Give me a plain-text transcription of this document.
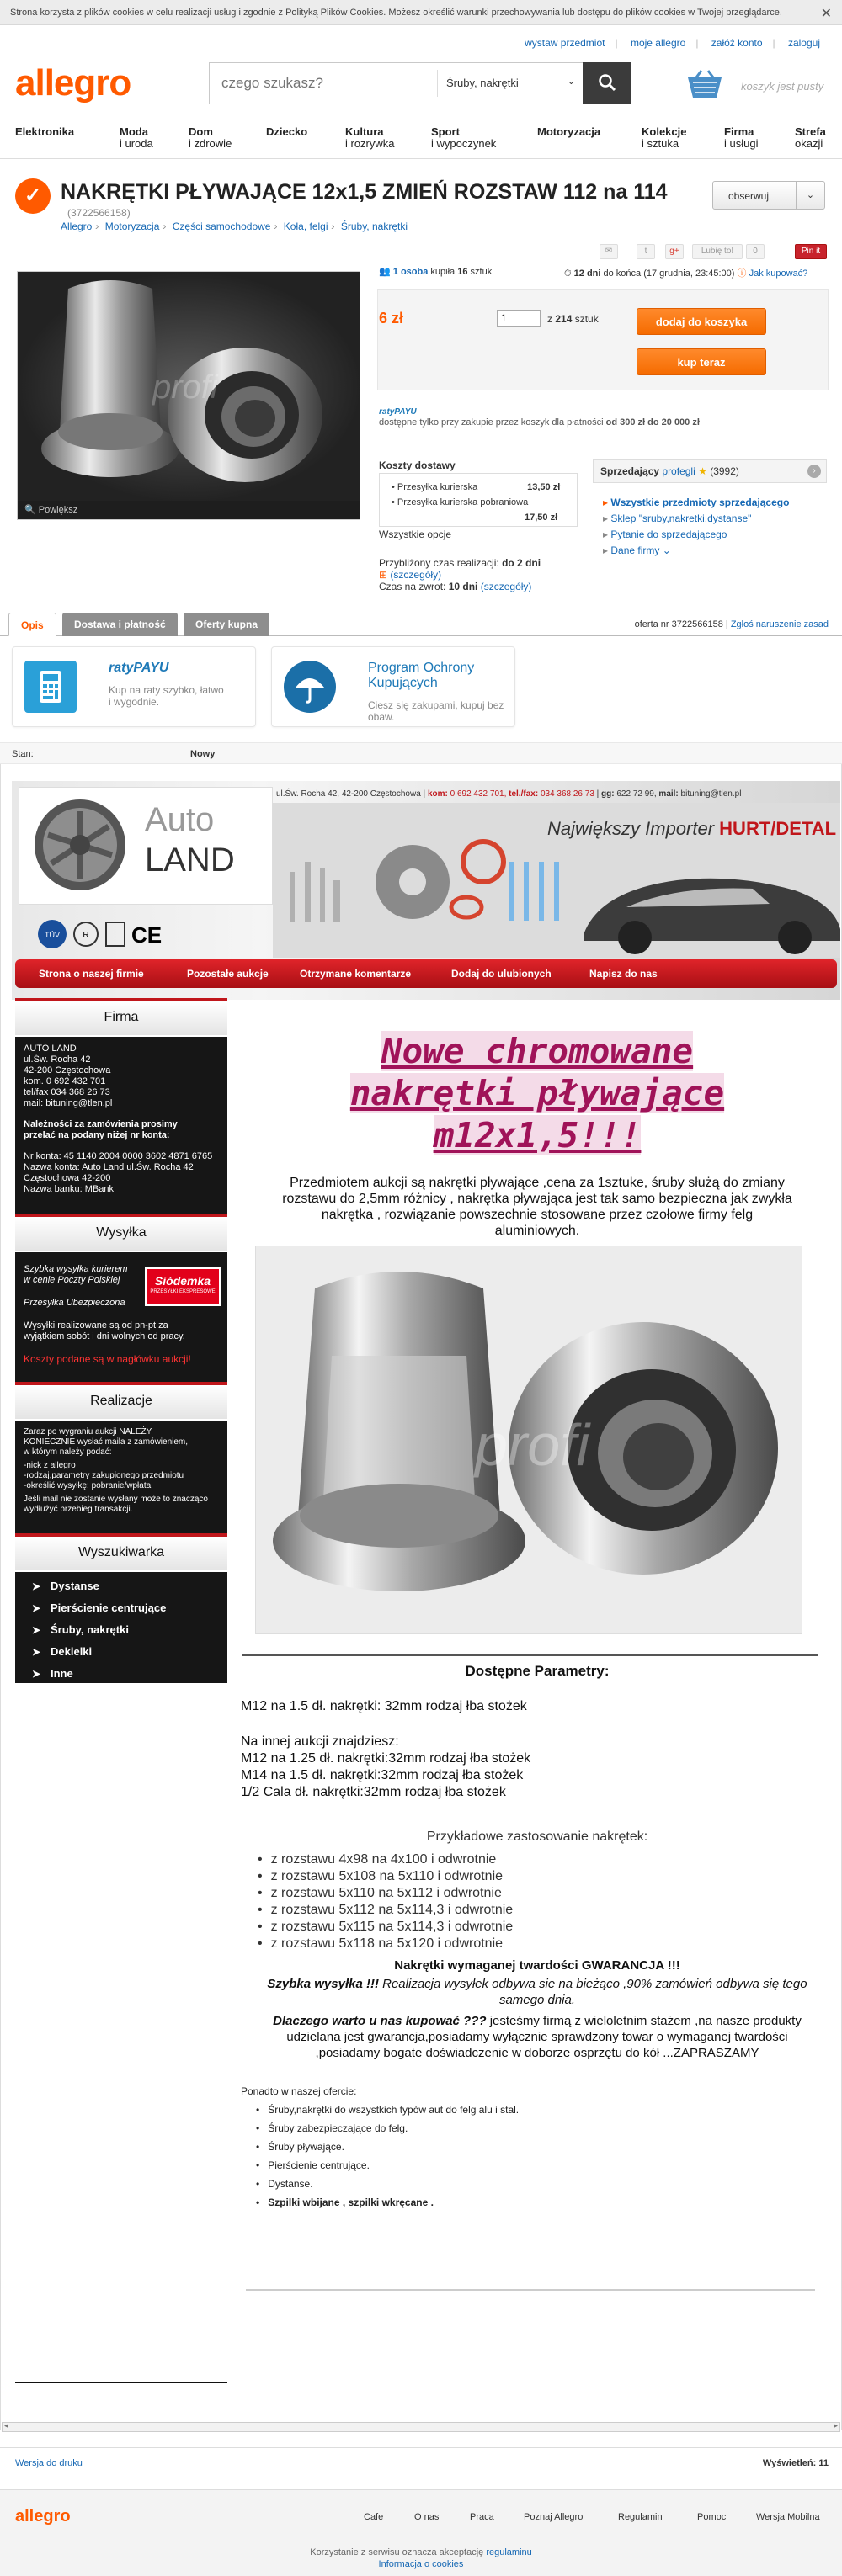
Strona korzysta z plików cookies w celu realizacji usług i zgodnie z Polityką Plików Cookies. Możesz określić warunki przechowywania lub dostępu do plików cookies w Twojej przeglądarce.	✕
wystaw przedmiot | moje allegro | załóż konto | zaloguj
allegro
czego szukasz?	Śruby, nakrętki	⌄	koszyk jest pusty
Elektronika	Moda
i uroda
Dom
i zdrowie
Dziecko	Kultura
i rozrywka
Sport
i wypoczynek
Motoryzacja	Kolekcje
i sztuka
Firma
i usługi
Strefa
okazji
✓ NAKRĘTKI PŁYWAJĄCE 12x1,5 ZMIEŃ ROZSTAW 112 na 114
(3722566158)
Allegro › Motoryzacja › Części samochodowe › Koła, felgi › Śruby, nakrętki
obserwuj	⌄
profi
🔍 Powiększ
✉	t	g+	Lubię to!	0	Pin it
👥 1 osoba kupiła 16 sztuk	⏱ 12 dni do końca (17 grudnia, 23:45:00) ⓘ Jak kupować?
6 zł
1	z 214 sztuk	dodaj do koszyka
kup teraz
ratyPAYU
dostępne tylko przy zakupie przez koszyk dla płatności od 300 zł do 20 000 zł
Koszty dostawy
• Przesyłka kurierska	13,50 zł
• Przesyłka kurierska pobraniowa
17,50 zł
Wszystkie opcje
Przybliżony czas realizacji: do 2 dni
⊞ (szczegóły)
Czas na zwrot: 10 dni (szczegóły)
Sprzedający profegli ★ (3992)	›
▸ Wszystkie przedmioty sprzedającego
▸ Sklep "sruby,nakretki,dystanse"
▸ Pytanie do sprzedającego
▸ Dane firmy ⌄
Opis	Dostawa i płatność	Oferty kupna	oferta nr 3722566158 | Zgłoś naruszenie zasad
ratyPAYU
Kup na raty szybko, łatwo
i wygodnie.
Program Ochrony
Kupujących
Ciesz się zakupami, kupuj bez obaw.
Stan:	Nowy
Auto
LAND
TÜV	R CE
ul.Św. Rocha 42, 42-200 Częstochowa | kom: 0 692 432 701, tel./fax: 034 368 26 73 | gg: 622 72 99, mail: bituning@tlen.pl
Największy Importer HURT/DETAL
Strona o naszej firmie	Pozostałe aukcje	Otrzymane komentarze	Dodaj do ulubionych	Napisz do nas
Firma
AUTO LAND
ul.Św. Rocha 42
42-200 Częstochowa
kom. 0 692 432 701
tel/fax 034 368 26 73
mail: bituning@tlen.pl
Należności za zamówienia prosimy
przelać na podany niżej nr konta:
Nr konta: 45 1140 2004 0000 3602 4871 6765
Nazwa konta: Auto Land ul.Św. Rocha 42
Częstochowa 42-200
Nazwa banku: MBank
Wysyłka
Szybka wysyłka kurierem
w cenie Poczty Polskiej
Przesyłka Ubezpieczona
Wysyłki realizowane są od pn-pt za
wyjątkiem sobót i dni wolnych od pracy.
Koszty podane są w nagłówku aukcji!
Siódemka
PRZESYŁKI EKSPRESOWE
Realizacje
Zaraz po wygraniu aukcji NALEŻY
KONIECZNIE wysłać maila z zamówieniem,
w którym należy podać:
-nick z allegro
-rodzaj,parametry zakupionego przedmiotu
-określić wysyłkę: pobranie/wpłata
Jeśli mail nie zostanie wysłany może to znacząco
wydłużyć przebieg transakcji.
Wyszukiwarka
➤ Dystanse
➤ Pierścienie centrujące
➤ Śruby, nakrętki
➤ Dekielki
➤ Inne
Nowe chromowane
nakrętki pływające
m12x1,5!!!
Przedmiotem aukcji są nakrętki pływające ,cena za 1sztuke, śruby służą do zmiany
rozstawu do 2,5mm różnicy , nakrętka pływająca jest tak samo bezpieczna jak zwykła
nakrętka , rozwiązanie powszechnie stosowane przez czołowe firmy felg
aluminiowych.
profi
Dostępne Parametry:
M12 na 1.5 dł. nakrętki: 32mm rodzaj łba stożek
Na innej aukcji znajdziesz:
M12 na 1.25 dł. nakrętki:32mm rodzaj łba stożek
M14 na 1.5 dł. nakrętki:32mm rodzaj łba stożek
1/2 Cala dł. nakrętki:32mm rodzaj łba stożek
Przykładowe zastosowanie nakrętek:
• z rozstawu 4x98 na 4x100 i odwrotnie
• z rozstawu 5x108 na 5x110 i odwrotnie
• z rozstawu 5x110 na 5x112 i odwrotnie
• z rozstawu 5x112 na 5x114,3 i odwrotnie
• z rozstawu 5x115 na 5x114,3 i odwrotnie
• z rozstawu 5x118 na 5x120 i odwrotnie
Nakrętki wymaganej twardości GWARANCJA !!!
Szybka wysyłka !!! Realizacja wysyłek odbywa sie na bieżąco ,90% zamówień odbywa się tego
samego dnia.
Dlaczego warto u nas kupować ??? jesteśmy firmą z wieloletnim stażem ,na nasze produkty
udzielana jest gwarancja,posiadamy wyłącznie sprawdzony towar o wymaganej twardości
,posiadamy bogate doświadczenie w doborze osprzętu do kół ...ZAPRASZAMY
Ponadto w naszej ofercie:
• Śruby,nakrętki do wszystkich typów aut do felg alu i stal.
• Śruby zabezpieczające do felg.
• Śruby pływające.
• Pierścienie centrujące.
• Dystanse.
• Szpilki wbijane , szpilki wkręcane .
◂	▸
Wersja do druku	Wyświetleń: 11
allegro	Cafe	O nas	Praca	Poznaj Allegro	Regulamin	Pomoc	Wersja Mobilna
Korzystanie z serwisu oznacza akceptację regulaminu
Informacja o cookies
